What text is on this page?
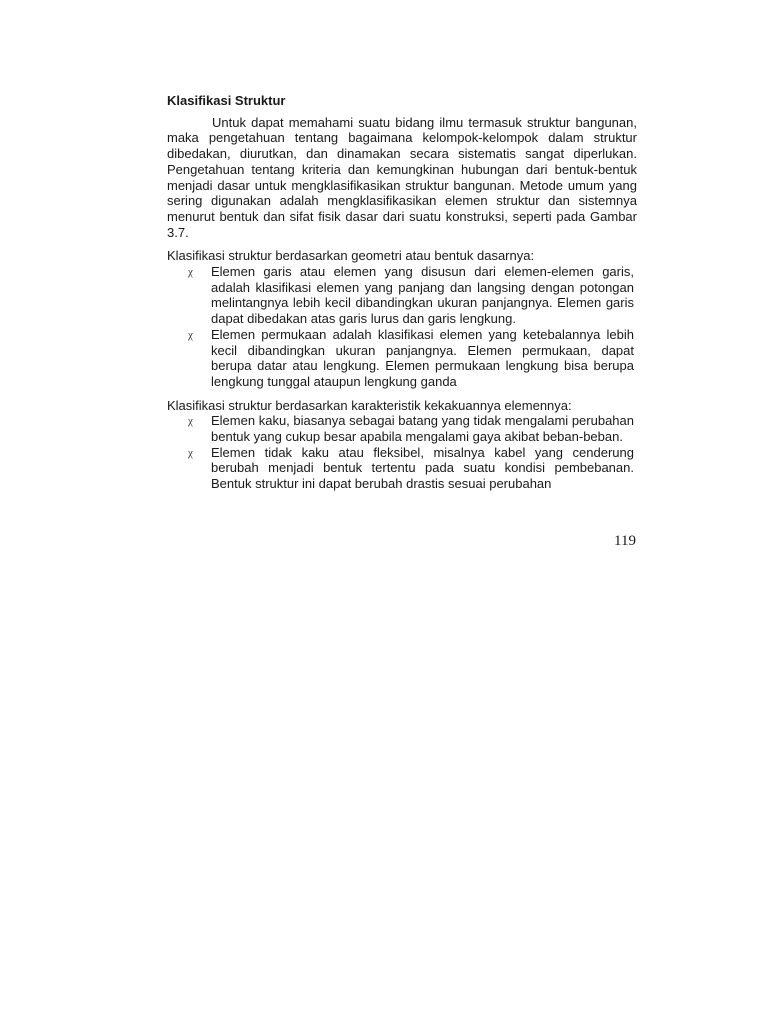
Klasifikasi Struktur

Untuk dapat memahami suatu bidang ilmu termasuk struktur bangunan, maka pengetahuan tentang bagaimana kelompok-kelompok dalam struktur dibedakan, diurutkan, dan dinamakan secara sistematis sangat diperlukan. Pengetahuan tentang kriteria dan kemungkinan hubungan dari bentuk-bentuk menjadi dasar untuk mengklasifikasikan struktur bangunan. Metode umum yang sering digunakan adalah mengklasifikasikan elemen struktur dan sistemnya menurut bentuk dan sifat fisik dasar dari suatu konstruksi, seperti pada Gambar 3.7.

Klasifikasi struktur berdasarkan geometri atau bentuk dasarnya:

χ Elemen garis atau elemen yang disusun dari elemen-elemen garis, adalah klasifikasi elemen yang panjang dan langsing dengan potongan melintangnya lebih kecil dibandingkan ukuran panjangnya. Elemen garis dapat dibedakan atas garis lurus dan garis lengkung.
χ Elemen permukaan adalah klasifikasi elemen yang ketebalannya lebih kecil dibandingkan ukuran panjangnya. Elemen permukaan, dapat berupa datar atau lengkung. Elemen permukaan lengkung bisa berupa lengkung tunggal ataupun lengkung ganda

Klasifikasi struktur berdasarkan karakteristik kekakuannya elemennya:

χ Elemen kaku, biasanya sebagai batang yang tidak mengalami perubahan bentuk yang cukup besar apabila mengalami gaya akibat beban-beban.
χ Elemen tidak kaku atau fleksibel, misalnya kabel yang cenderung berubah menjadi bentuk tertentu pada suatu kondisi pembebanan. Bentuk struktur ini dapat berubah drastis sesuai perubahan
119
